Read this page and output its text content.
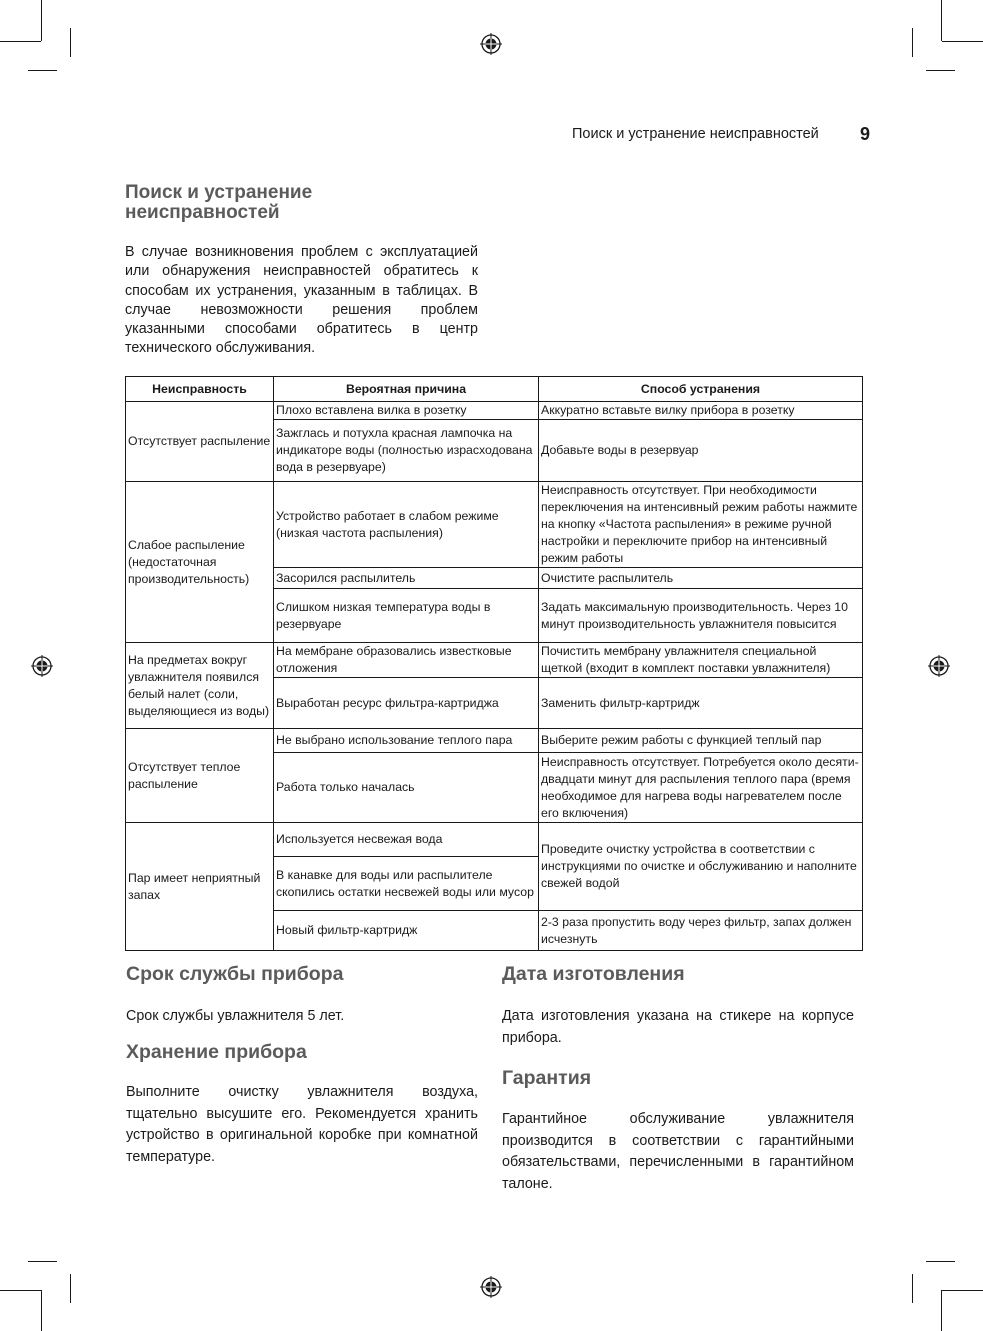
Поиск и устранение неисправностей 9
Поиск и устранение неисправностей

В случае возникновения проблем с эксплуатацией или обнаружения неисправностей обратитесь к способам их устранения, указанным в таблицах. В случае невозможности решения проблем указанными способами обратитесь в центр технического обслуживания.

Неисправность	Вероятная причина	Способ устранения
Отсутствует распыление	Плохо вставлена вилка в розетку	Аккуратно вставьте вилку прибора в розетку
	Зажглась и потухла красная лампочка на индикаторе воды (полностью израсходована вода в резервуаре)	Добавьте воды в резервуар
Слабое распыление (недостаточная производительность)	Устройство работает в слабом режиме (низкая частота распыления)	Неисправность отсутствует. При необходимости переключения на интенсивный режим работы нажмите на кнопку «Частота распыления» в режиме ручной настройки и переключите прибор на интенсивный режим работы
	Засорился распылитель	Очистите распылитель
	Слишком низкая температура воды в резервуаре	Задать максимальную производительность. Через 10 минут производительность увлажнителя повысится
На предметах вокруг увлажнителя появился белый налет (соли, выделяющиеся из воды)	На мембране образовались известковые отложения	Почистить мембрану увлажнителя специальной щеткой (входит в комплект поставки увлажнителя)
	Выработан ресурс фильтра-картриджа	Заменить фильтр-картридж
Отсутствует теплое распыление	Не выбрано использование теплого пара	Выберите режим работы с функцией теплый пар
	Работа только началась	Неисправность отсутствует. Потребуется около десяти-двадцати минут для распыления теплого пара (время необходимое для нагрева воды нагревателем после его включения)
Пар имеет неприятный запах	Используется несвежая вода	Проведите очистку устройства в соответствии с инструкциями по очистке и обслуживанию и наполните свежей водой
	В канавке для воды или распылителе скопились остатки несвежей воды или мусор	
	Новый фильтр-картридж	2-3 раза пропустить воду через фильтр, запах должен исчезнуть
Срок службы прибора

Срок службы увлажнителя 5 лет.

Хранение прибора

Выполните очистку увлажнителя воздуха, тщательно высушите его. Рекомендуется хранить устройство в оригинальной коробке при комнатной температуре.

Дата изготовления

Дата изготовления указана на стикере на корпусе прибора.

Гарантия

Гарантийное обслуживание увлажнителя производится в соответствии с гарантийными обязательствами, перечисленными в гарантийном талоне.
